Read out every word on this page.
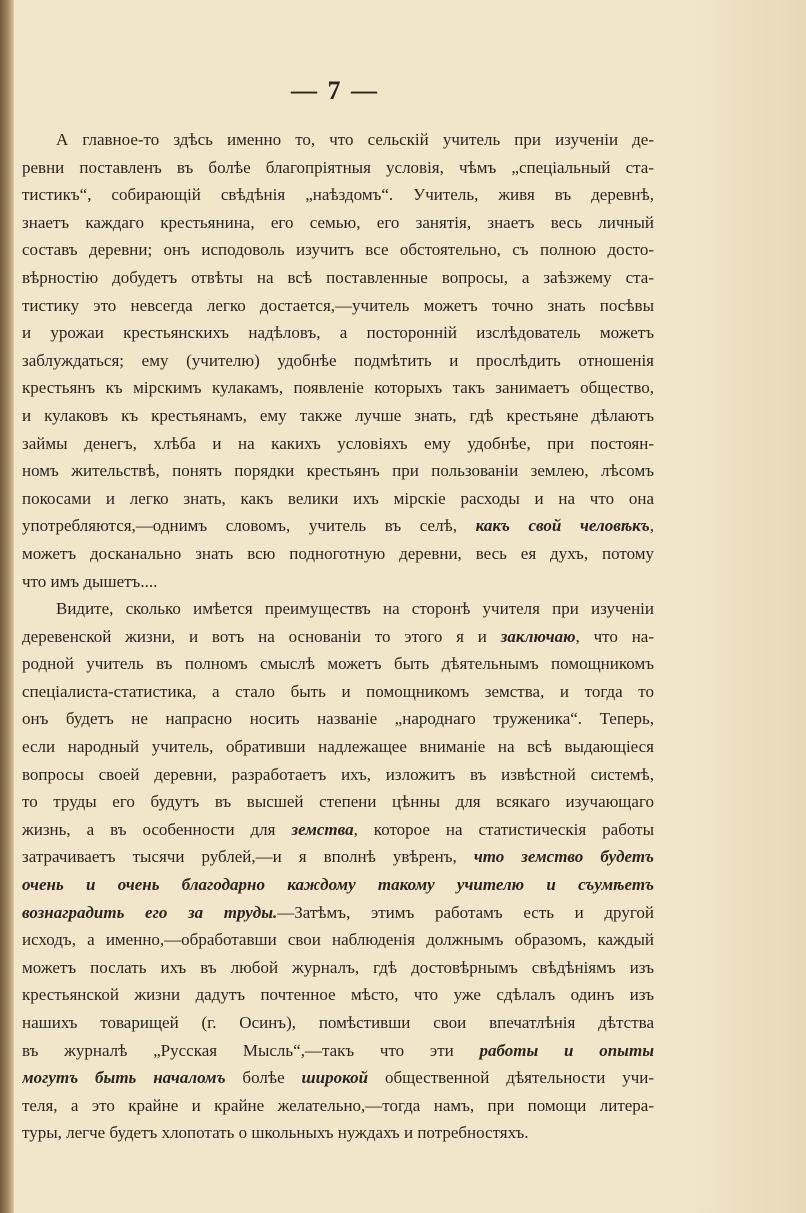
— 7 —
А главное-то здѣсь именно то, что сельскій учитель при изученіи де-
ревни поставленъ въ болѣе благопріятныя условія, чѣмъ „спеціальный ста-
тистикъ“, собирающій свѣдѣнія „наѣздомъ“. Учитель, живя въ деревнѣ,
знаетъ каждаго крестьянина, его семью, его занятія, знаетъ весь личный
составъ деревни; онъ исподоволь изучитъ все обстоятельно, съ полною досто-
вѣрностію добудетъ отвѣты на всѣ поставленные вопросы, а заѣзжему ста-
тистику это невсегда легко достается,—учитель можетъ точно знать посѣвы
и урожаи крестьянскихъ надѣловъ, а посторонній изслѣдователь можетъ
заблуждаться; ему (учителю) удобнѣе подмѣтить и прослѣдить отношенія
крестьянъ къ мірскимъ кулакамъ, появленіе которыхъ такъ занимаетъ общество,
и кулаковъ къ крестьянамъ, ему также лучше знать, гдѣ крестьяне дѣлаютъ
займы денегъ, хлѣба и на какихъ условіяхъ ему удобнѣе, при постоян-
номъ жительствѣ, понять порядки крестьянъ при пользованіи землею, лѣсомъ
покосами и легко знать, какъ велики ихъ мірскіе расходы и на что она
употребляются,—однимъ словомъ, учитель въ селѣ, какъ свой человѣкъ,
можетъ досканально знать всю подноготную деревни, весь ея духъ, потому
что имъ дышетъ....
Видите, сколько имѣется преимуществъ на сторонѣ учителя при изученіи
деревенской жизни, и вотъ на основаніи то этого я и заключаю, что на-
родной учитель въ полномъ смыслѣ можетъ быть дѣятельнымъ помощникомъ
спеціалиста-статистика, а стало быть и помощникомъ земства, и тогда то
онъ будетъ не напрасно носить названіе „народнаго труженика“. Теперь,
если народный учитель, обративши надлежащее вниманіе на всѣ выдающіеся
вопросы своей деревни, разработаетъ ихъ, изложитъ въ извѣстной системѣ,
то труды его будутъ въ высшей степени цѣнны для всякаго изучающаго
жизнь, а въ особенности для земства, которое на статистическія работы
затрачиваетъ тысячи рублей,—и я вполнѣ увѣренъ, что земство будетъ
очень и очень благодарно каждому такому учителю и съумѣетъ
вознаградить его за труды.—Затѣмъ, этимъ работамъ есть и другой
исходъ, а именно,—обработавши свои наблюденія должнымъ образомъ, каждый
можетъ послать ихъ въ любой журналъ, гдѣ достовѣрнымъ свѣдѣніямъ изъ
крестьянской жизни дадутъ почтенное мѣсто, что уже сдѣлалъ одинъ изъ
нашихъ товарищей (г. Осинъ), помѣстивши свои впечатлѣнія дѣтства
въ журналѣ „Русская Мысль“,—такъ что эти работы и опыты
могутъ быть началомъ болѣе широкой общественной дѣятельности учи-
теля, а это крайне и крайне желательно,—тогда намъ, при помощи литера-
туры, легче будетъ хлопотать о школьныхъ нуждахъ и потребностяхъ.
